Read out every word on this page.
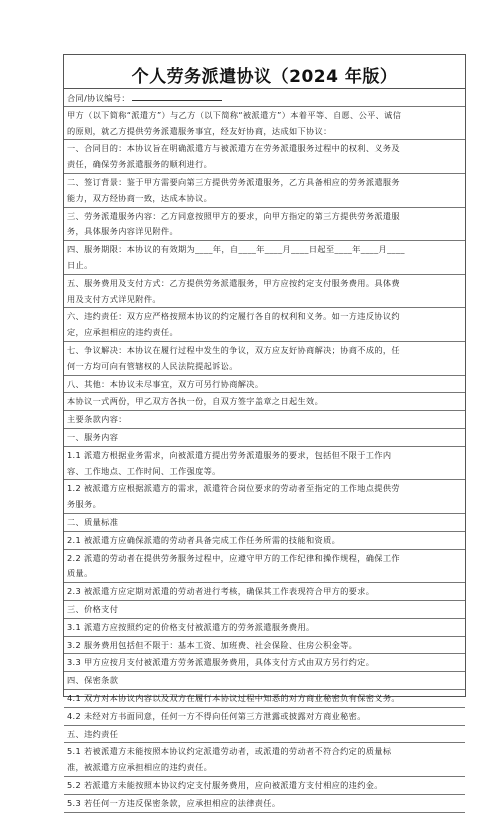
个人劳务派遣协议（2024 年版）
合同/协议编号：
甲方（以下简称“派遣方”）与乙方（以下简称“被派遣方”）本着平等、自愿、公平、诚信
的原则，就乙方提供劳务派遣服务事宜，经友好协商，达成如下协议：
一、合同目的：本协议旨在明确派遣方与被派遣方在劳务派遣服务过程中的权利、义务及
责任，确保劳务派遣服务的顺利进行。
二、签订背景：鉴于甲方需要向第三方提供劳务派遣服务，乙方具备相应的劳务派遣服务
能力，双方经协商一致，达成本协议。
三、劳务派遣服务内容：乙方同意按照甲方的要求，向甲方指定的第三方提供劳务派遣服
务，具体服务内容详见附件。
四、服务期限：本协议的有效期为____年，自____年____月____日起至____年____月____
日止。
五、服务费用及支付方式：乙方提供劳务派遣服务，甲方应按约定支付服务费用。具体费
用及支付方式详见附件。
六、违约责任：双方应严格按照本协议的约定履行各自的权利和义务。如一方违反协议约
定，应承担相应的违约责任。
七、争议解决：本协议在履行过程中发生的争议，双方应友好协商解决；协商不成的，任
何一方均可向有管辖权的人民法院提起诉讼。
八、其他：本协议未尽事宜，双方可另行协商解决。
本协议一式两份，甲乙双方各执一份，自双方签字盖章之日起生效。
主要条款内容：
一、服务内容
1.1 派遣方根据业务需求，向被派遣方提出劳务派遣服务的要求，包括但不限于工作内
容、工作地点、工作时间、工作强度等。
1.2 被派遣方应根据派遣方的需求，派遣符合岗位要求的劳动者至指定的工作地点提供劳
务服务。
二、质量标准
2.1 被派遣方应确保派遣的劳动者具备完成工作任务所需的技能和资质。
2.2 派遣的劳动者在提供劳务服务过程中，应遵守甲方的工作纪律和操作规程，确保工作
质量。
2.3 被派遣方应定期对派遣的劳动者进行考核，确保其工作表现符合甲方的要求。
三、价格支付
3.1 派遣方应按照约定的价格支付被派遣方的劳务派遣服务费用。
3.2 服务费用包括但不限于：基本工资、加班费、社会保险、住房公积金等。
3.3 甲方应按月支付被派遣方劳务派遣服务费用，具体支付方式由双方另行约定。
四、保密条款
4.1 双方对本协议内容以及双方在履行本协议过程中知悉的对方商业秘密负有保密义务。
4.2 未经对方书面同意，任何一方不得向任何第三方泄露或披露对方商业秘密。
五、违约责任
5.1 若被派遣方未能按照本协议约定派遣劳动者，或派遣的劳动者不符合约定的质量标
准，被派遣方应承担相应的违约责任。
5.2 若派遣方未能按照本协议约定支付服务费用，应向被派遣方支付相应的违约金。
5.3 若任何一方违反保密条款，应承担相应的法律责任。
